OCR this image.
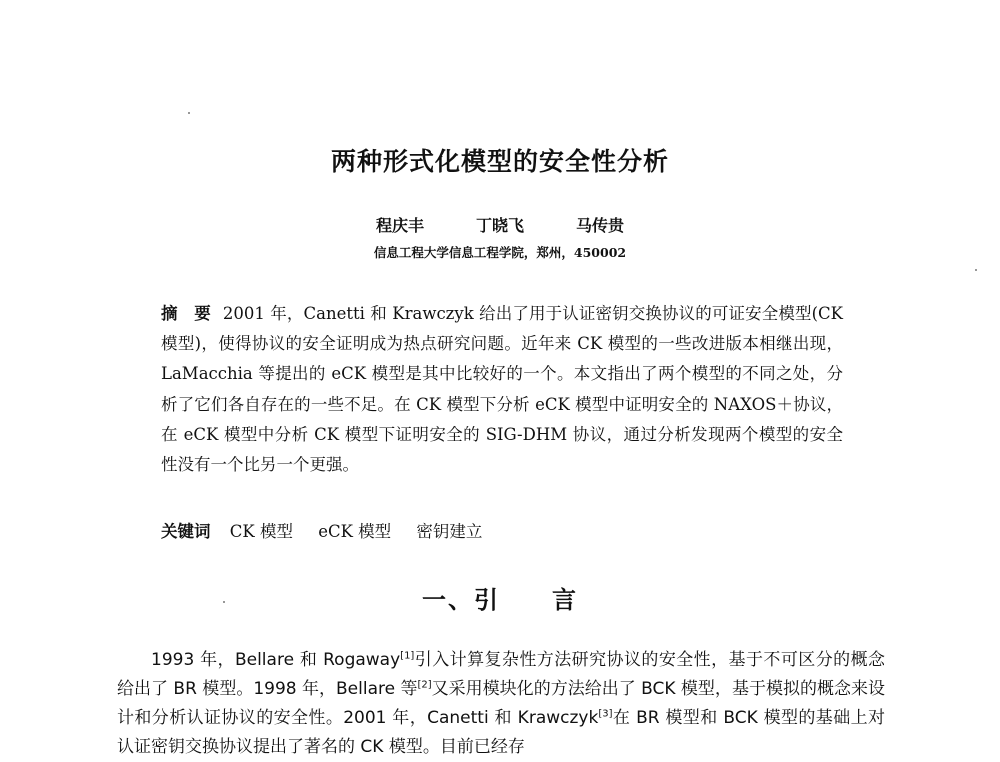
两种形式化模型的安全性分析
程庆丰	丁晓飞	马传贵
信息工程大学信息工程学院，郑州，450002
摘　要 2001 年，Canetti 和 Krawczyk 给出了用于认证密钥交换协议的可证安全模型(CK 模型)，使得协议的安全证明成为热点研究问题。近年来 CK 模型的一些改进版本相继出现，LaMacchia 等提出的 eCK 模型是其中比较好的一个。本文指出了两个模型的不同之处，分析了它们各自存在的一些不足。在 CK 模型下分析 eCK 模型中证明安全的 NAXOS＋协议，在 eCK 模型中分析 CK 模型下证明安全的 SIG-DHM 协议，通过分析发现两个模型的安全性没有一个比另一个更强。
关键词 CK 模型 eCK 模型 密钥建立
一、引 言

1993 年，Bellare 和 Rogaway[1]引入计算复杂性方法研究协议的安全性，基于不可区分的概念给出了 BR 模型。1998 年，Bellare 等[2]又采用模块化的方法给出了 BCK 模型，基于模拟的概念来设计和分析认证协议的安全性。2001 年，Canetti 和 Krawczyk[3]在 BR 模型和 BCK 模型的基础上对认证密钥交换协议提出了著名的 CK 模型。目前已经存
